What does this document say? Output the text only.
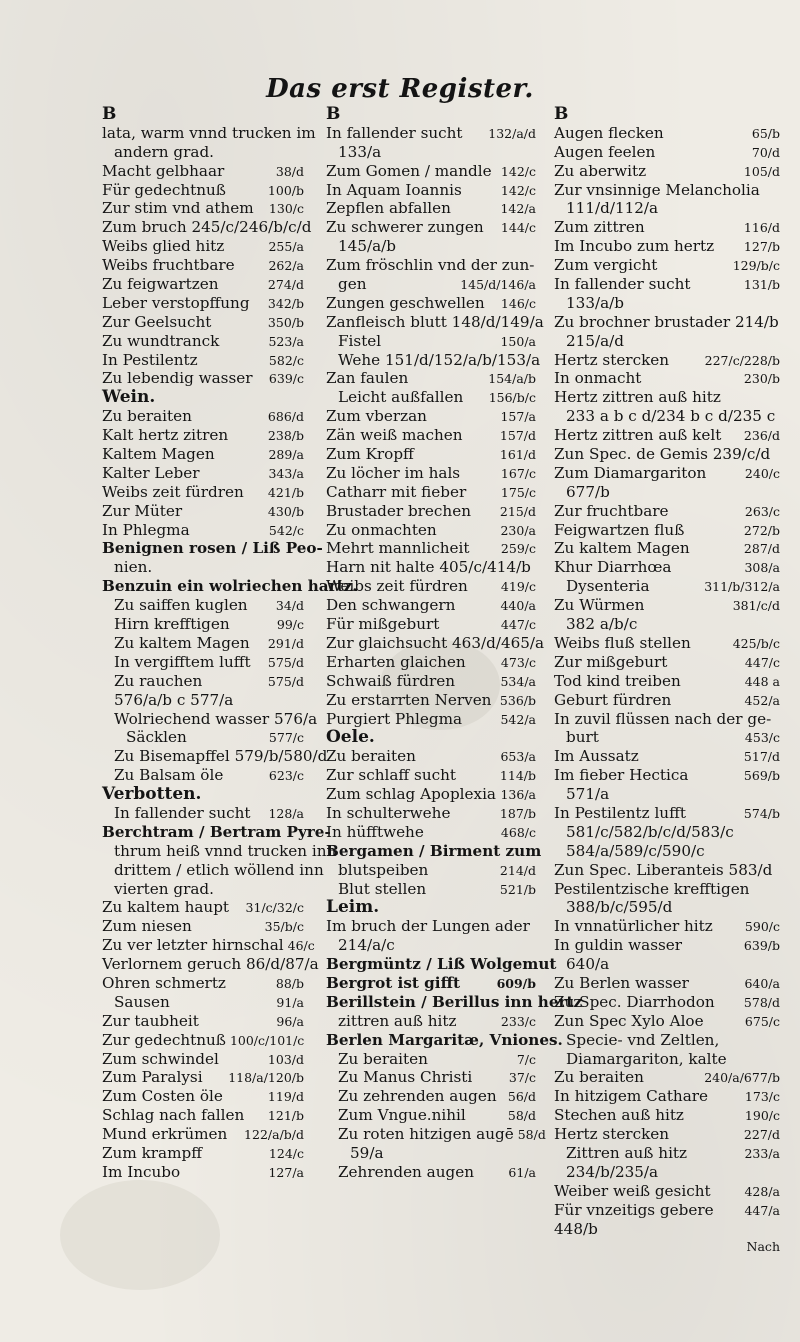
Das erst Register.
B
lata, warm vnnd trucken im
andern grad.
Macht gelbhaar	38/d
Für gedechtnuß	100/b
Zur stim vnd athem	130/c
Zum bruch 245/c/246/b/c/d
Weibs glied hitz	255/a
Weibs fruchtbare	262/a
Zu feigwartzen	274/d
Leber verstopffung	342/b
Zur Geelsucht	350/b
Zu wundtranck	523/a
In Pestilentz	582/c
Zu lebendig wasser	639/c
Wein.
Zu beraiten	686/d
Kalt hertz zitren	238/b
Kaltem Magen	289/a
Kalter Leber	343/a
Weibs zeit fürdren	421/b
Zur Müter	430/b
In Phlegma	542/c
Benignen rosen / Liß Peo-
nien.
Benzuin ein wolriechen hartz.
Zu saiffen kuglen	34/d
Hirn krefftigen	99/c
Zu kaltem Magen	291/d
In vergifftem lufft	575/d
Zu rauchen	575/d
576/a/b c 577/a
Wolriechend wasser 576/a
Säcklen	577/c
Zu Bisemapffel 579/b/580/d
Zu Balsam öle	623/c
Verbotten.
In fallender sucht	128/a
Berchtram / Bertram Pyre-
thrum heiß vnnd trucken inn
drittem / etlich wöllend inn
vierten grad.
Zu kaltem haupt	31/c/32/c
Zum niesen	35/b/c
Zu ver letzter hirnschal 46/c
Verlornem geruch 86/d/87/a
Ohren schmertz	88/b
Sausen	91/a
Zur taubheit	96/a
Zur gedechtnuß 100/c/101/c
Zum schwindel	103/d
Zum Paralysi	118/a/120/b
Zum Costen öle	119/d
Schlag nach fallen	121/b
Mund erkrümen	122/a/b/d
Zum krampff	124/c
Im Incubo	127/a
B
In fallender sucht	132/a/d
133/a
Zum Gomen / mandle 142/c
In Aquam Ioannis	142/c
Zepflen abfallen	142/a
Zu schwerer zungen	144/c
145/a/b
Zum fröschlin vnd der zun-
gen	145/d/146/a
Zungen geschwellen	146/c
Zanfleisch blutt 148/d/149/a
Fistel	150/a
Wehe 151/d/152/a/b/153/a
Zan faulen	154/a/b
Leicht außfallen	156/b/c
Zum vberzan	157/a
Zän weiß machen	157/d
Zum Kropff	161/d
Zu löcher im hals	167/c
Catharr mit fieber	175/c
Brustader brechen	215/d
Zu onmachten	230/a
Mehrt mannlicheit	259/c
Harn nit halte 405/c/414/b
Weibs zeit fürdren	419/c
Den schwangern	440/a
Für mißgeburt	447/c
Zur glaichsucht 463/d/465/a
Erharten glaichen	473/c
Schwaiß fürdren	534/a
Zu erstarrten Nerven 536/b
Purgiert Phlegma	542/a
Oele.
Zu beraiten	653/a
Zur schlaff sucht	114/b
Zum schlag Apoplexia 136/a
In schulterwehe	187/b
In hüfftwehe	468/c
Bergamen / Birment zum
blutspeiben	214/d
Blut stellen	521/b
Leim.
Im bruch der Lungen ader
214/a/c
Bergmüntz / Liß Wolgemut
Bergrot ist gifft	609/b
Berillstein / Berillus inn hertz
zittren auß hitz	233/c
Berlen Margaritæ, Vniones.
Zu beraiten	7/c
Zu Manus Christi	37/c
Zu zehrenden augen 56/d
Zum Vngue.nihil	58/d
Zu roten hitzigen augē 58/d
59/a
Zehrenden augen	61/a
B
Augen flecken	65/b
Augen feelen	70/d
Zu aberwitz	105/d
Zur vnsinnige Melancholia
111/d/112/a
Zum zittren	116/d
Im Incubo zum hertz	127/b
Zum vergicht	129/b/c
In fallender sucht	131/b
133/a/b
Zu brochner brustader 214/b
215/a/d
Hertz stercken	227/c/228/b
In onmacht	230/b
Hertz zittren auß hitz
233 a b c d/234 b c d/235 c
Hertz zittren auß kelt	236/d
Zun Spec. de Gemis 239/c/d
Zum Diamargariton	240/c
677/b
Zur fruchtbare	263/c
Feigwartzen fluß	272/b
Zu kaltem Magen	287/d
Khur Diarrhœa	308/a
Dysenteria	311/b/312/a
Zu Würmen	381/c/d
382 a/b/c
Weibs fluß stellen	425/b/c
Zur mißgeburt	447/c
Tod kind treiben	448 a
Geburt fürdren	452/a
In zuvil flüssen nach der ge-
burt	453/c
Im Aussatz	517/d
Im fieber Hectica	569/b
571/a
In Pestilentz lufft	574/b
581/c/582/b/c/d/583/c
584/a/589/c/590/c
Zun Spec. Liberanteis 583/d
Pestilentzische krefftigen
388/b/c/595/d
In vnnatürlicher hitz	590/c
In guldin wasser	639/b
640/a
Zu Berlen wasser	640/a
Zu Spec. Diarrhodon	578/d
Zun Spec Xylo Aloe	675/c
Specie- vnd Zeltlen,
Diamargariton, kalte
Zu beraiten	240/a/677/b
In hitzigem Cathare	173/c
Stechen auß hitz	190/c
Hertz stercken	227/d
Zittren auß hitz	233/a
234/b/235/a
Weiber weiß gesicht	428/a
Für vnzeitigs gebere	447/a
448/b
Nach
